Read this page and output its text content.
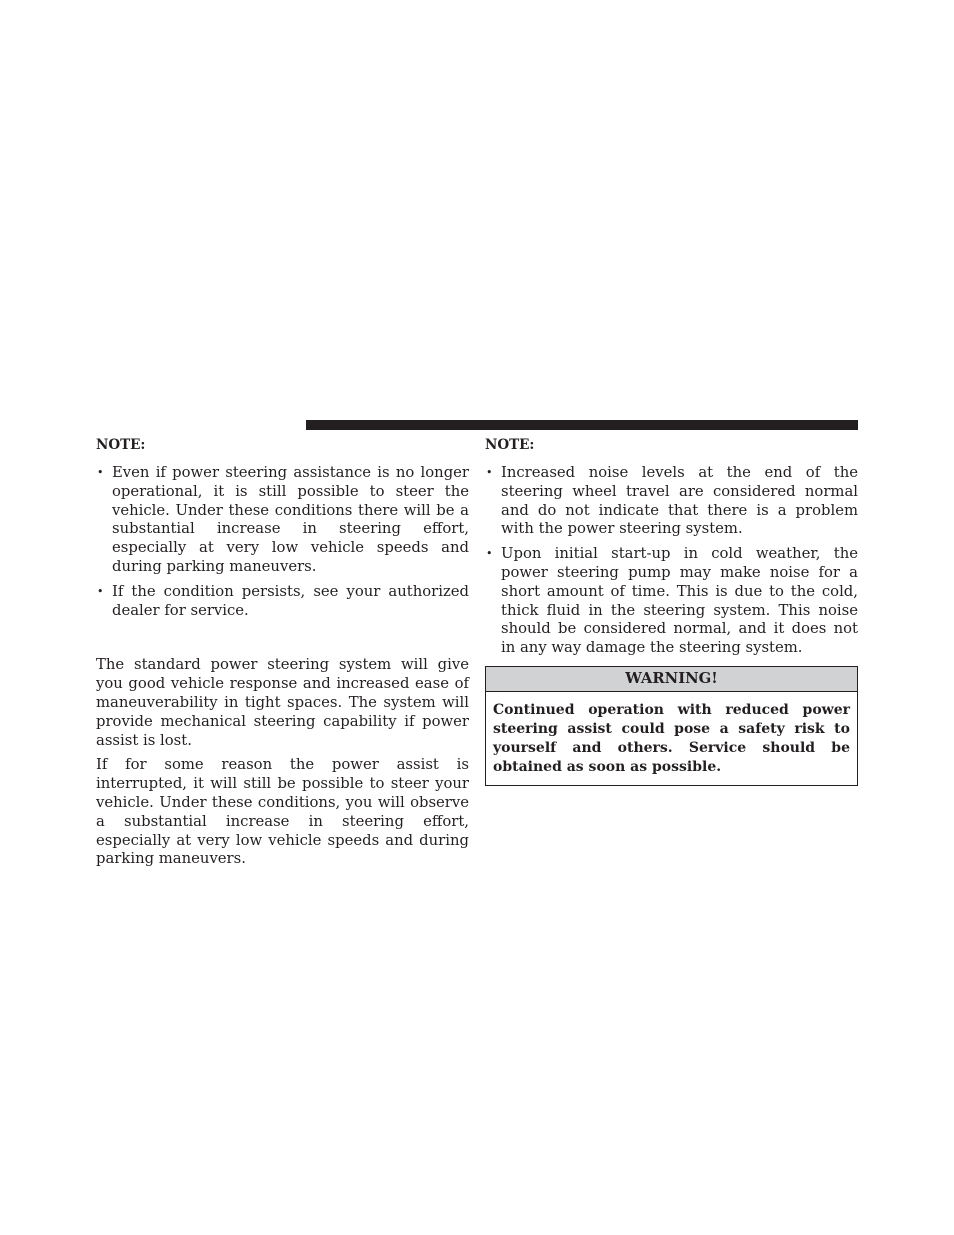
NOTE:
• Even if power steering assistance is no longer operational, it is still possible to steer the vehicle. Under these conditions there will be a substantial increase in steering effort, especially at very low vehicle speeds and during parking maneuvers.
• If the condition persists, see your authorized dealer for service.

The standard power steering system will give you good vehicle response and increased ease of maneuverability in tight spaces. The system will provide mechanical steering capability if power assist is lost.

If for some reason the power assist is interrupted, it will still be possible to steer your vehicle. Under these conditions, you will observe a substantial increase in steering effort, especially at very low vehicle speeds and during parking maneuvers.

NOTE:
• Increased noise levels at the end of the steering wheel travel are considered normal and do not indicate that there is a problem with the power steering system.
• Upon initial start-up in cold weather, the power steering pump may make noise for a short amount of time. This is due to the cold, thick fluid in the steering system. This noise should be considered normal, and it does not in any way damage the steering system.
WARNING!
Continued operation with reduced power steering assist could pose a safety risk to yourself and others. Service should be obtained as soon as possible.
